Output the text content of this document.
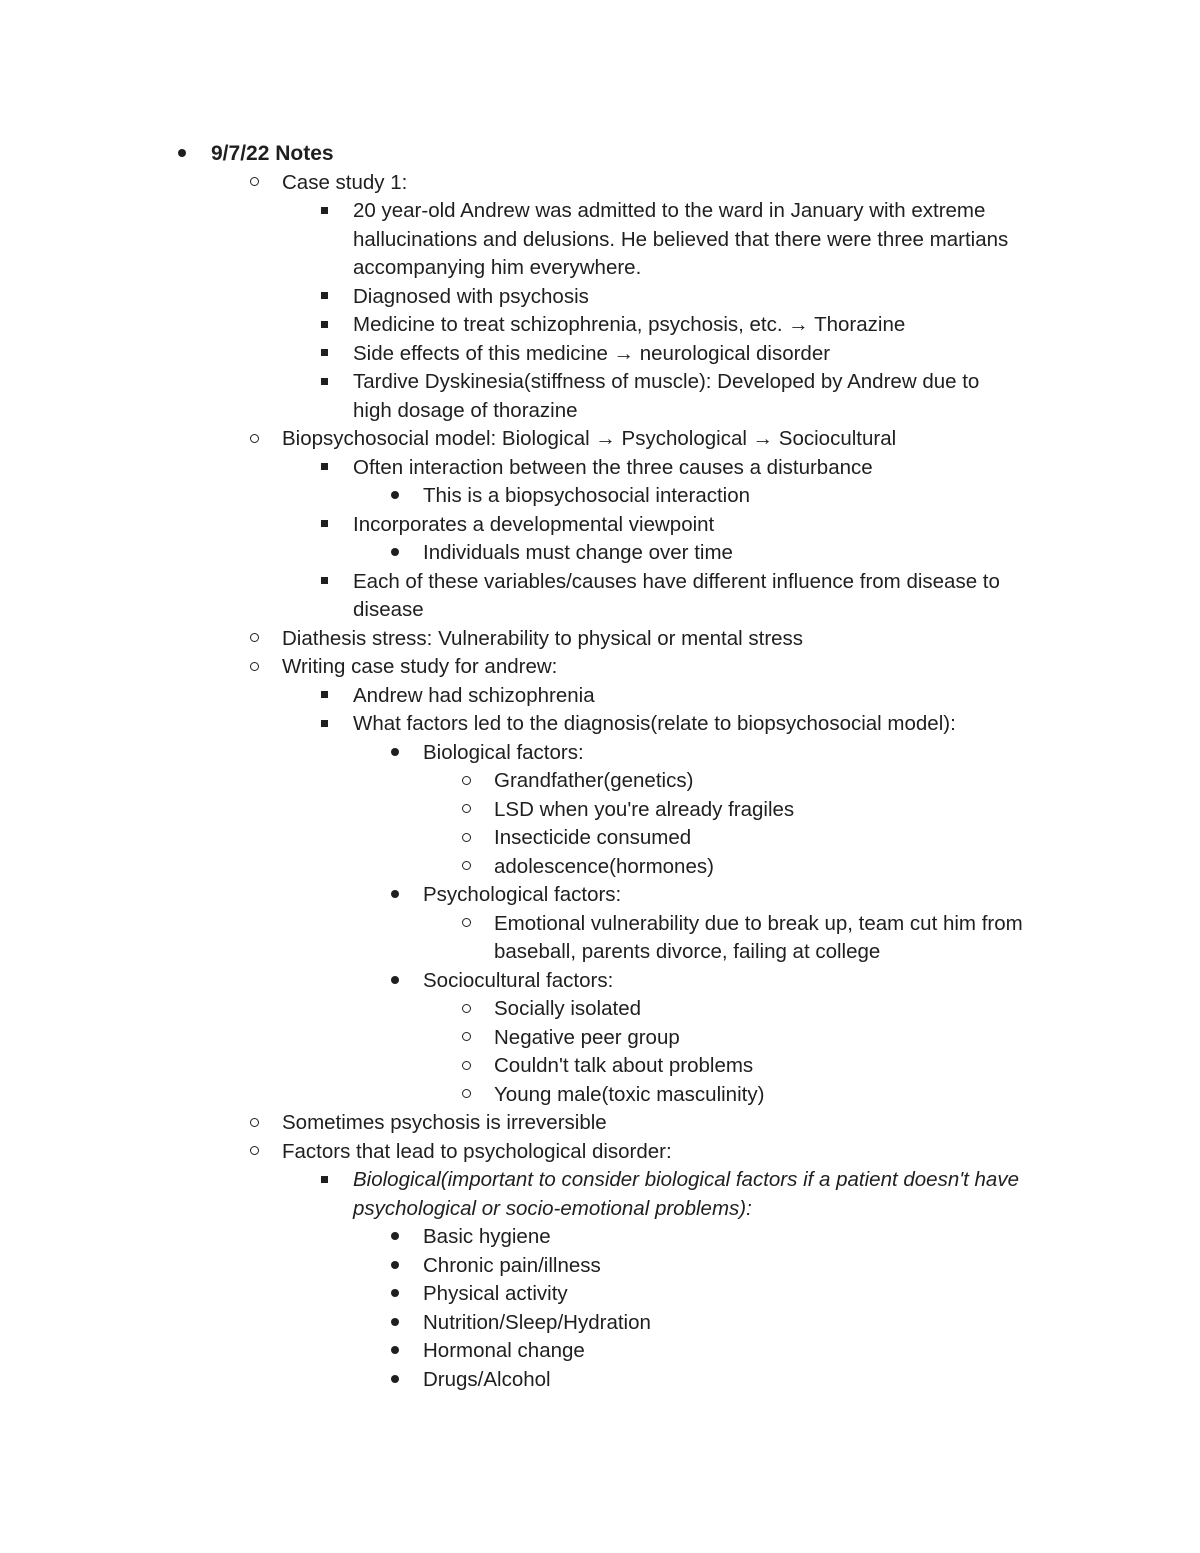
9/7/22 Notes
Case study 1:
20 year-old Andrew was admitted to the ward in January with extreme
hallucinations and delusions. He believed that there were three martians
accompanying him everywhere.
Diagnosed with psychosis
Medicine to treat schizophrenia, psychosis, etc. → Thorazine
Side effects of this medicine → neurological disorder
Tardive Dyskinesia(stiffness of muscle): Developed by Andrew due to
high dosage of thorazine
Biopsychosocial model: Biological → Psychological → Sociocultural
Often interaction between the three causes a disturbance
This is a biopsychosocial interaction
Incorporates a developmental viewpoint
Individuals must change over time
Each of these variables/causes have different influence from disease to
disease
Diathesis stress: Vulnerability to physical or mental stress
Writing case study for andrew:
Andrew had schizophrenia
What factors led to the diagnosis(relate to biopsychosocial model):
Biological factors:
Grandfather(genetics)
LSD when you're already fragiles
Insecticide consumed
adolescence(hormones)
Psychological factors:
Emotional vulnerability due to break up, team cut him from
baseball, parents divorce, failing at college
Sociocultural factors:
Socially isolated
Negative peer group
Couldn't talk about problems
Young male(toxic masculinity)
Sometimes psychosis is irreversible
Factors that lead to psychological disorder:
Biological(important to consider biological factors if a patient doesn't have
psychological or socio-emotional problems):
Basic hygiene
Chronic pain/illness
Physical activity
Nutrition/Sleep/Hydration
Hormonal change
Drugs/Alcohol
